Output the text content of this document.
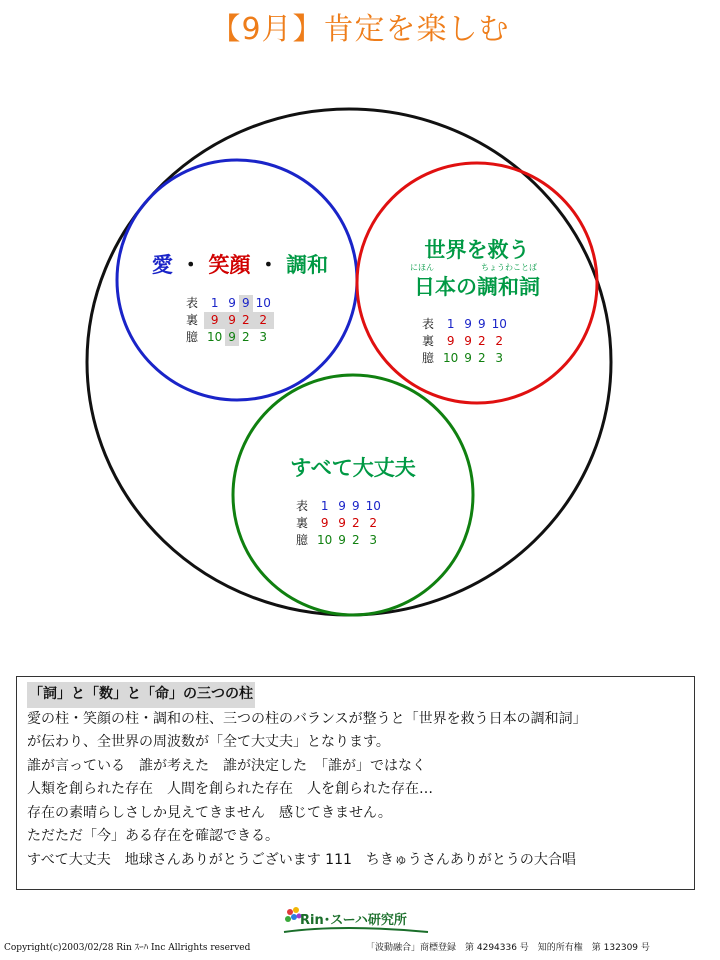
【9月】肯定を楽しむ
愛 ・ 笑顔 ・ 調和
表	1	9	9	10
裏	9	9	2	2
臆	10	9	2	3
世界を救う
にほん	ちょうわことば
日本の調和詞
表	1	9	9	10
裏	9	9	2	2
臆	10	9	2	3
すべて大丈夫
表	1	9	9	10
裏	9	9	2	2
臆	10	9	2	3
「詞」と「数」と「命」の三つの柱
愛の柱・笑顔の柱・調和の柱、三つの柱のバランスが整うと「世界を救う日本の調和詞」
が伝わり、全世界の周波数が「全て大丈夫」となります。
誰が言っている　誰が考えた　誰が決定した　「誰が」ではなく
人類を創られた存在　人間を創られた存在　人を創られた存在…
存在の素晴らしさしか見えてきません　感じてきません。
ただただ「今」ある存在を確認できる。
すべて大丈夫　地球さんありがとうございます 111　ちきゅうさんありがとうの大合唱
Rin･スーハ研究所
Copyright(c)2003/02/28 Rin ｽｰﾊ Inc Allrights reserved	「波動融合」商標登録　第 4294336 号　知的所有権　第 132309 号
